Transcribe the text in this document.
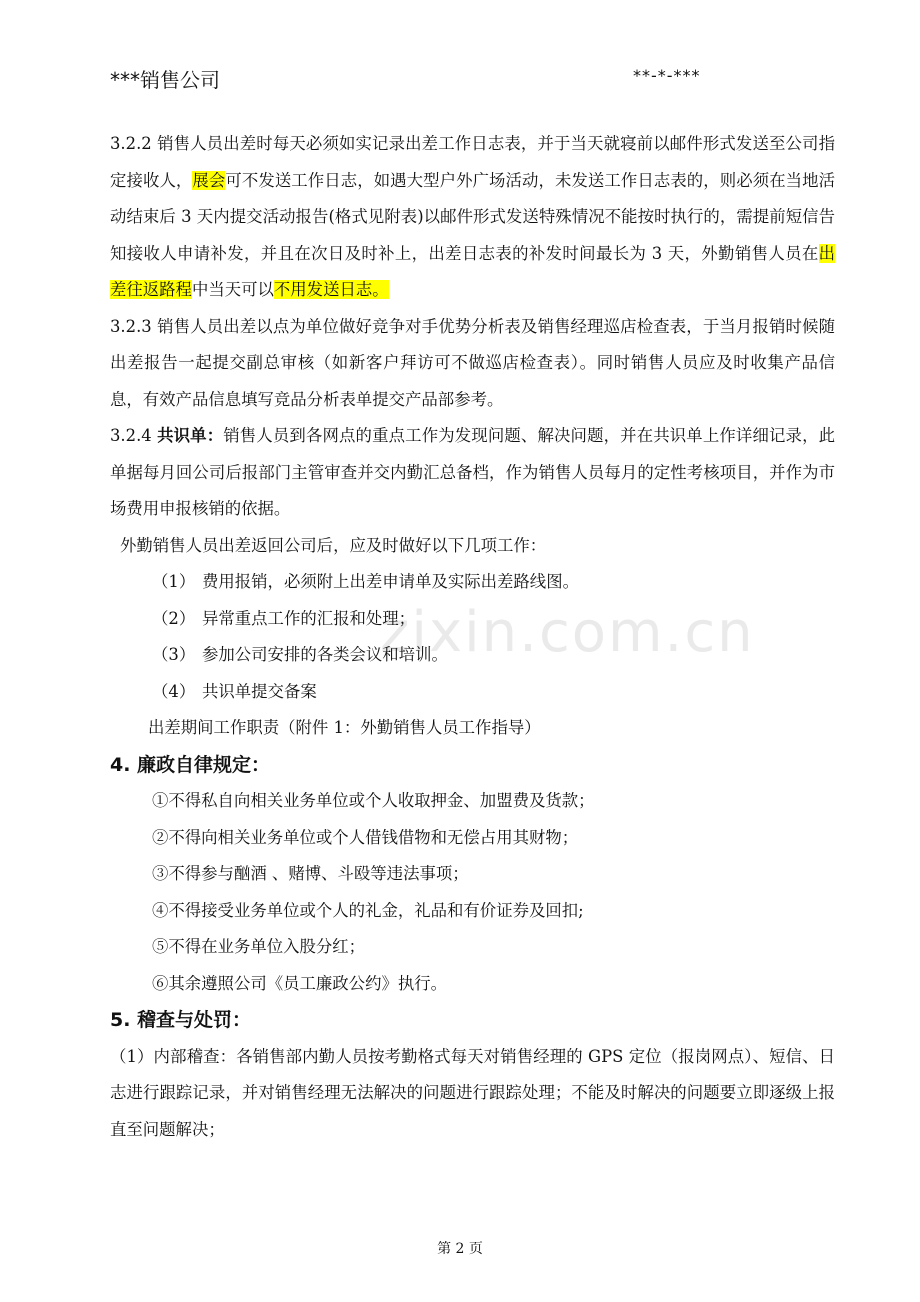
***销售公司	**-*-***
zixin.com.cn

3.2.2 销售人员出差时每天必须如实记录出差工作日志表，并于当天就寝前以邮件形式发送至公司指定接收人，展会可不发送工作日志，如遇大型户外广场活动，未发送工作日志表的，则必须在当地活动结束后 3 天内提交活动报告(格式见附表)以邮件形式发送特殊情况不能按时执行的，需提前短信告知接收人申请补发，并且在次日及时补上，出差日志表的补发时间最长为 3 天，外勤销售人员在出差往返路程中当天可以不用发送日志。

3.2.3 销售人员出差以点为单位做好竞争对手优势分析表及销售经理巡店检查表，于当月报销时候随出差报告一起提交副总审核（如新客户拜访可不做巡店检查表）。同时销售人员应及时收集产品信息，有效产品信息填写竞品分析表单提交产品部参考。

3.2.4 共识单：销售人员到各网点的重点工作为发现问题、解决问题，并在共识单上作详细记录，此单据每月回公司后报部门主管审查并交内勤汇总备档，作为销售人员每月的定性考核项目，并作为市场费用申报核销的依据。

外勤销售人员出差返回公司后，应及时做好以下几项工作：

（1） 费用报销，必须附上出差申请单及实际出差路线图。

（2） 异常重点工作的汇报和处理；

（3） 参加公司安排的各类会议和培训。

（4） 共识单提交备案

出差期间工作职责（附件 1：外勤销售人员工作指导）

4. 廉政自律规定：

①不得私自向相关业务单位或个人收取押金、加盟费及货款；

②不得向相关业务单位或个人借钱借物和无偿占用其财物；

③不得参与酗酒 、赌博、斗殴等违法事项；

④不得接受业务单位或个人的礼金，礼品和有价证券及回扣;

⑤不得在业务单位入股分红；

⑥其余遵照公司《员工廉政公约》执行。

5. 稽查与处罚：

（1）内部稽查：各销售部内勤人员按考勤格式每天对销售经理的 GPS 定位（报岗网点）、短信、日志进行跟踪记录，并对销售经理无法解决的问题进行跟踪处理；不能及时解决的问题要立即逐级上报直至问题解决；

第 2 页
